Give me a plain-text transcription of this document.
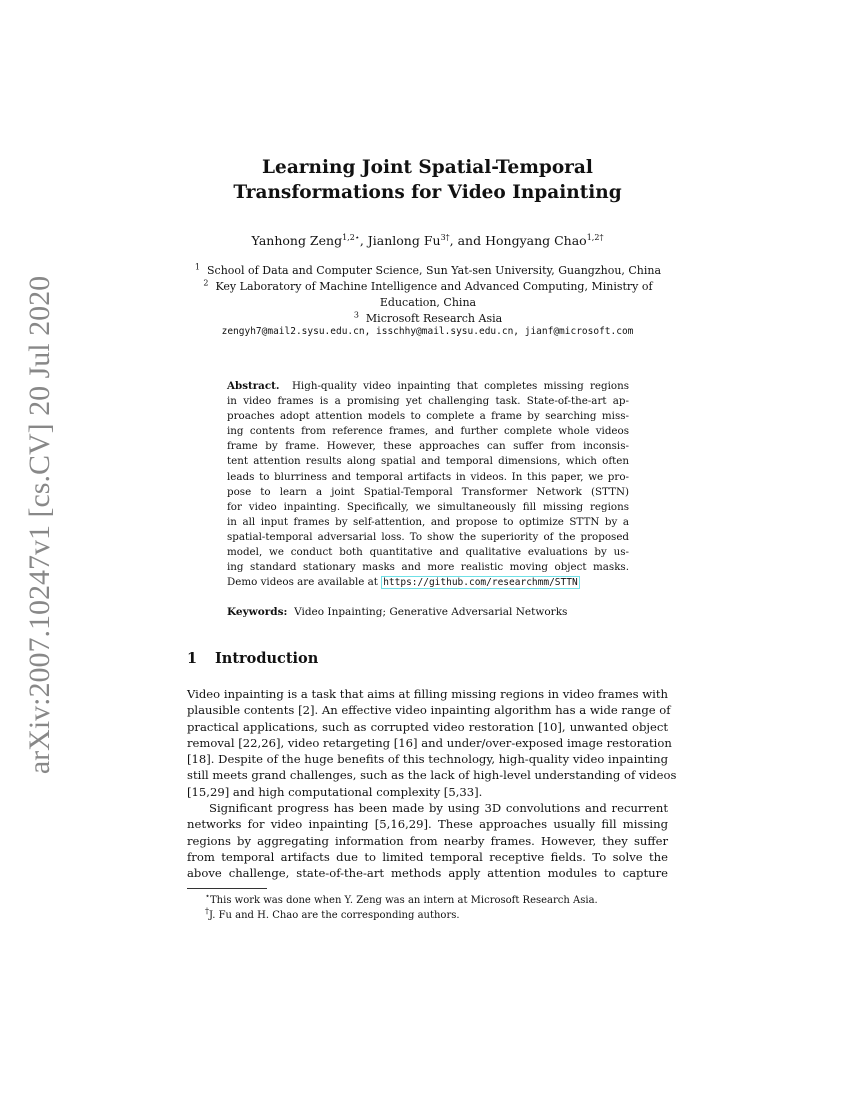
arXiv:2007.10247v1 [cs.CV] 20 Jul 2020
Learning Joint Spatial-Temporal
Transformations for Video Inpainting
Yanhong Zeng$^{1,2⋆}$, Jianlong $Fu^{3\dagger}$, and Hongyang Chao$^{1,2\dagger}$
$^1$ School of Data and Computer Science, Sun Yat-sen University, Guangzhou, China
$^2$ Key Laboratory of Machine Intelligence and Advanced Computing, Ministry of
Education, China
$^3$ Microsoft Research Asia
zengyh7@mail2.sysu.edu.cn, isschhy@mail.sysu.edu.cn, jianf@microsoft.com
Abstract. High-quality video inpainting that completes missing regions
in video frames is a promising yet challenging task. State-of-the-art ap-
proaches adopt attention models to complete a frame by searching miss-
ing contents from reference frames, and further complete whole videos
frame by frame. However, these approaches can suffer from inconsis-
tent attention results along spatial and temporal dimensions, which often
leads to blurriness and temporal artifacts in videos. In this paper, we pro-
pose to learn a joint Spatial-Temporal Transformer Network (STTN)
for video inpainting. Specifically, we simultaneously fill missing regions
in all input frames by self-attention, and propose to optimize STTN by a
spatial-temporal adversarial loss. To show the superiority of the proposed
model, we conduct both quantitative and qualitative evaluations by us-
ing standard stationary masks and more realistic moving object masks.
Demo videos are available at https://github.com/researchmm/STTN
Keywords: Video Inpainting; Generative Adversarial Networks
1 Introduction
Video inpainting is a task that aims at filling missing regions in video frames with
plausible contents [2]. An effective video inpainting algorithm has a wide range of
practical applications, such as corrupted video restoration [10], unwanted object
removal [22,26], video retargeting [16] and under/over-exposed image restoration
[18]. Despite of the huge benefits of this technology, high-quality video inpainting
still meets grand challenges, such as the lack of high-level understanding of videos
[15,29] and high computational complexity [5,33].
Significant progress has been made by using 3D convolutions and recurrent
networks for video inpainting [5,16,29]. These approaches usually fill missing
regions by aggregating information from nearby frames. However, they suffer
from temporal artifacts due to limited temporal receptive fields. To solve the
above challenge, state-of-the-art methods apply attention modules to capture
⋆This work was done when Y. Zeng was an intern at Microsoft Research Asia.
†J. Fu and H. Chao are the corresponding authors.
